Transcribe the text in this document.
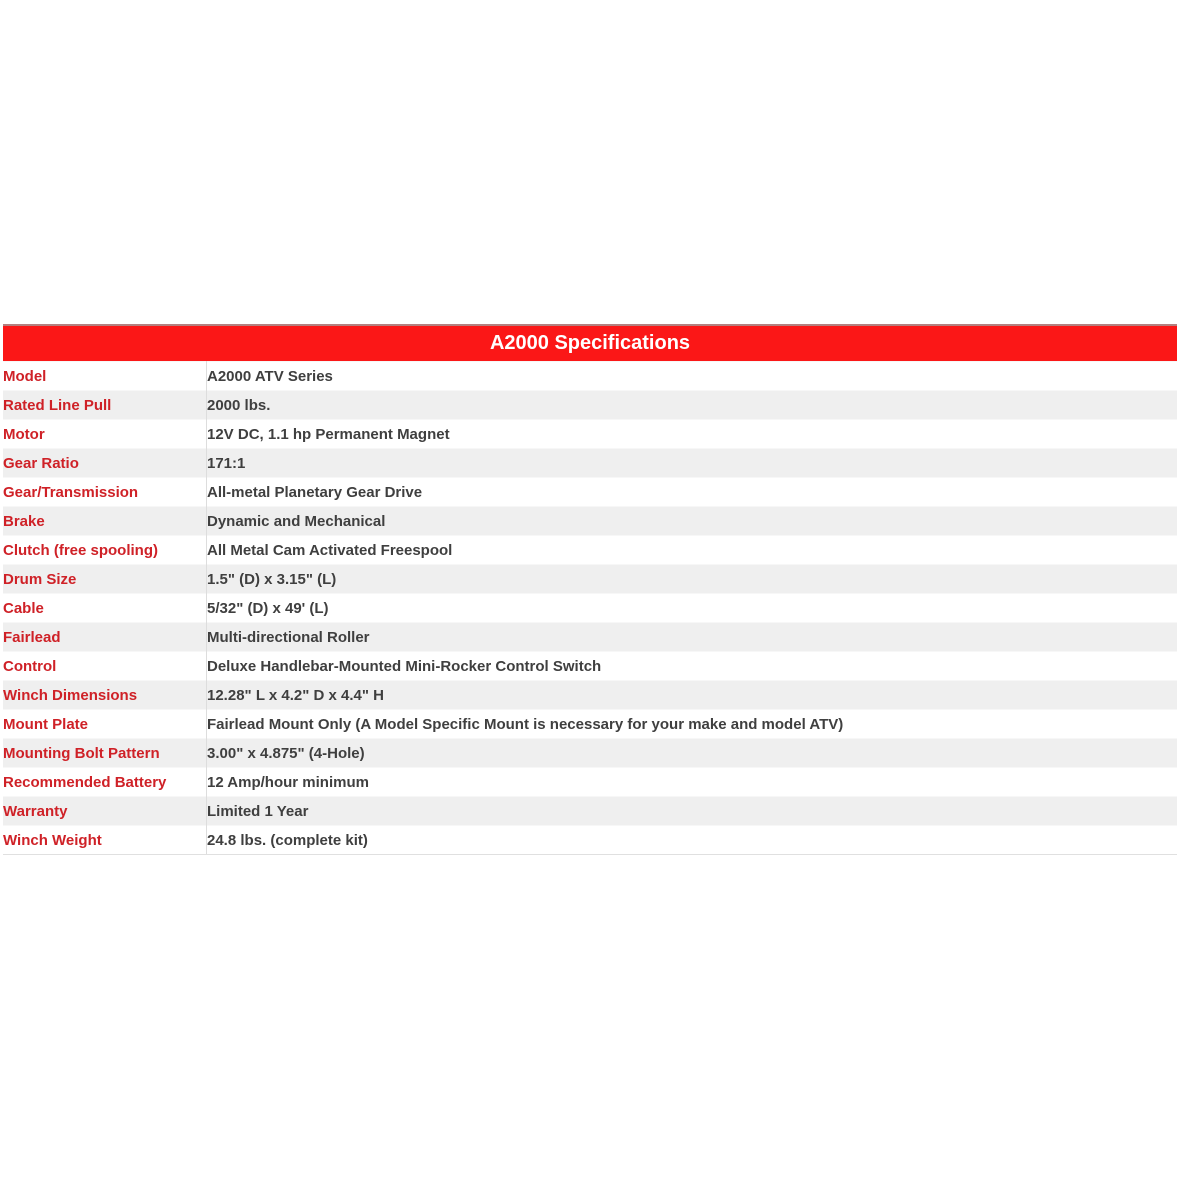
A2000 Specifications
Model	A2000 ATV Series
Rated Line Pull	2000 lbs.
Motor	12V DC, 1.1 hp Permanent Magnet
Gear Ratio	171:1
Gear/Transmission	All-metal Planetary Gear Drive
Brake	Dynamic and Mechanical
Clutch (free spooling)	All Metal Cam Activated Freespool
Drum Size	1.5" (D) x 3.15" (L)
Cable	5/32" (D) x 49' (L)
Fairlead	Multi-directional Roller
Control	Deluxe Handlebar-Mounted Mini-Rocker Control Switch
Winch Dimensions	12.28" L x 4.2" D x 4.4" H
Mount Plate	Fairlead Mount Only (A Model Specific Mount is necessary for your make and model ATV)
Mounting Bolt Pattern	3.00" x 4.875" (4-Hole)
Recommended Battery	12 Amp/hour minimum
Warranty	Limited 1 Year
Winch Weight	24.8 lbs. (complete kit)
